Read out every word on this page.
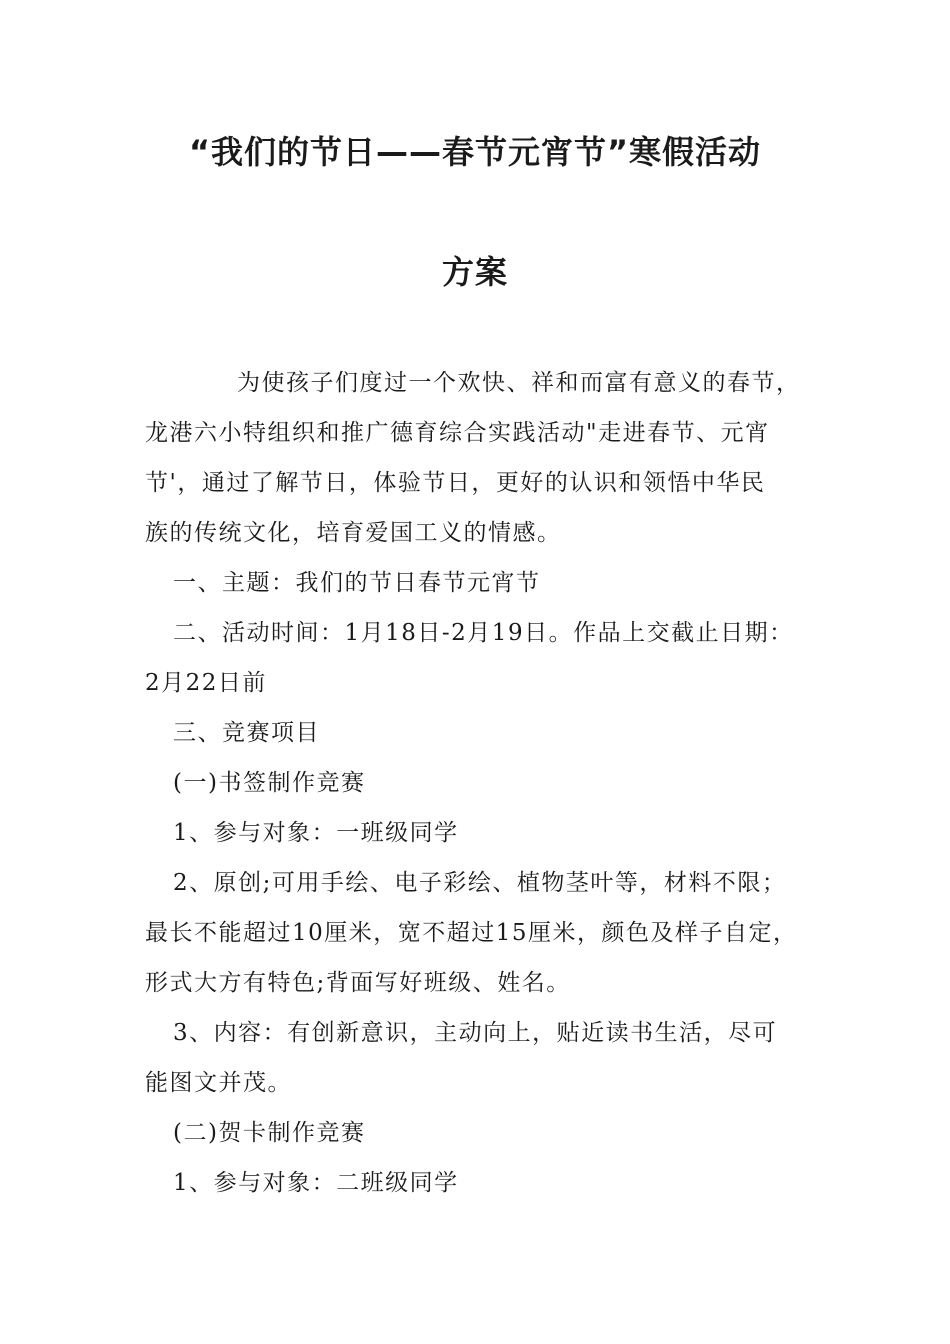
“我们的节日——春节元宵节”寒假活动
方案
为使孩子们度过一个欢快、祥和而富有意义的春节，
龙港六小特组织和推广德育综合实践活动"走进春节、元宵
节'，通过了解节日，体验节日，更好的认识和领悟中华民
族的传统文化，培育爱国工义的情感。
一、主题：我们的节日春节元宵节
二、活动时间：1月18日-2月19日。作品上交截止日期：
2月22日前
三、竞赛项目
(一)书签制作竞赛
1、参与对象：一班级同学
2、原创;可用手绘、电子彩绘、植物茎叶等，材料不限；
最长不能超过10厘米，宽不超过15厘米，颜色及样子自定，
形式大方有特色;背面写好班级、姓名。
3、内容：有创新意识，主动向上，贴近读书生活，尽可
能图文并茂。
(二)贺卡制作竞赛
1、参与对象：二班级同学
